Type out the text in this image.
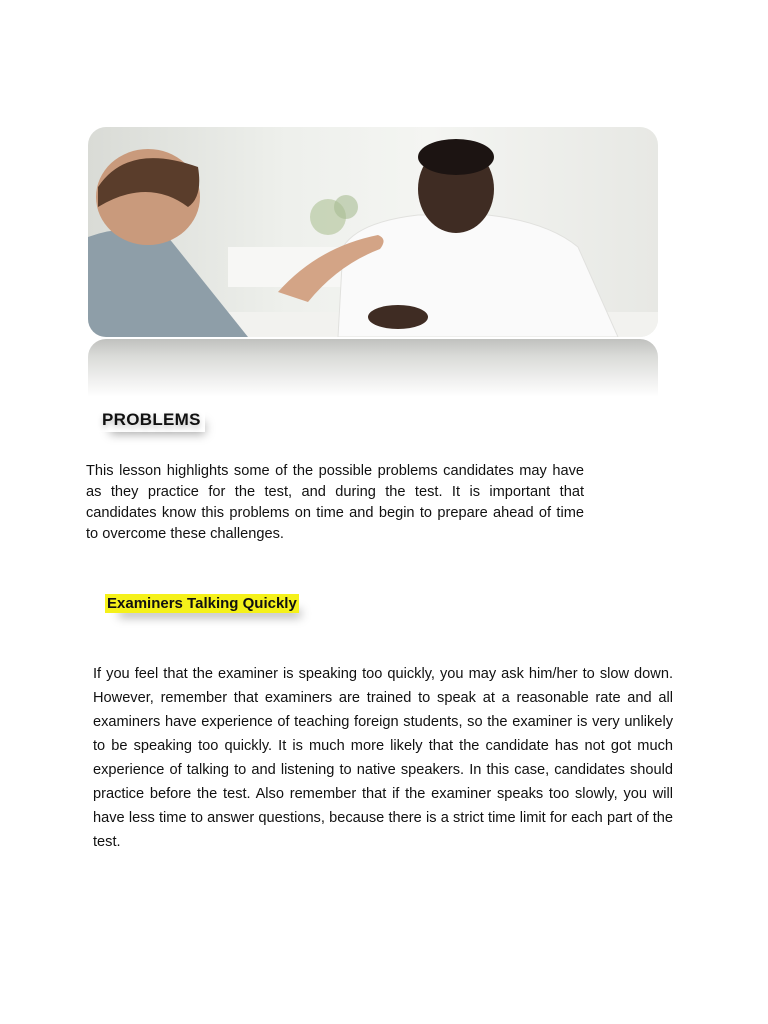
PROBLEMS

This lesson highlights some of the possible problems candidates may have as they practice for the test, and during the test. It is important that candidates know this problems on time and begin to prepare ahead of time to overcome these challenges.

Examiners Talking Quickly

If you feel that the examiner is speaking too quickly, you may ask him/her to slow down. However, remember that examiners are trained to speak at a reasonable rate and all examiners have experience of teaching foreign students, so the examiner is very unlikely to be speaking too quickly. It is much more likely that the candidate has not got much experience of talking to and listening to native speakers. In this case, candidates should practice before the test. Also remember that if the examiner speaks too slowly, you will have less time to answer questions, because there is a strict time limit for each part of the test.
